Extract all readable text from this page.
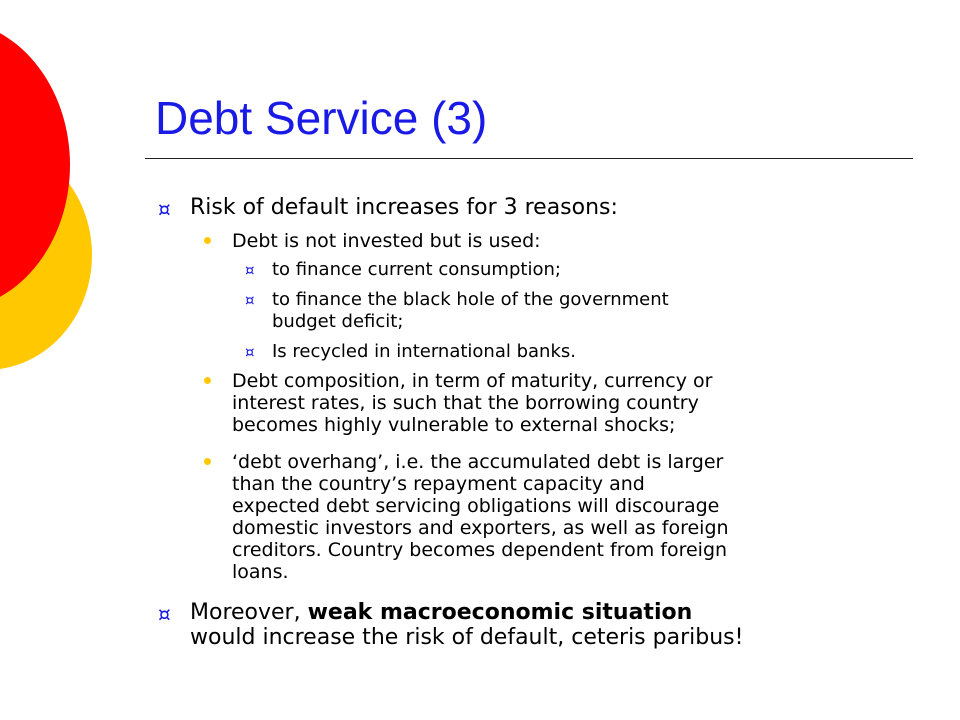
Debt Service (3)
¤ Risk of default increases for 3 reasons:
Debt is not invested but is used:
¤ to finance current consumption;
¤ to finance the black hole of the government
budget deficit;
¤ Is recycled in international banks.
Debt composition, in term of maturity, currency or
interest rates, is such that the borrowing country
becomes highly vulnerable to external shocks;
‘debt overhang’, i.e. the accumulated debt is larger
than the country’s repayment capacity and
expected debt servicing obligations will discourage
domestic investors and exporters, as well as foreign
creditors. Country becomes dependent from foreign
loans.
¤ Moreover, weak macroeconomic situation
would increase the risk of default, ceteris paribus!
